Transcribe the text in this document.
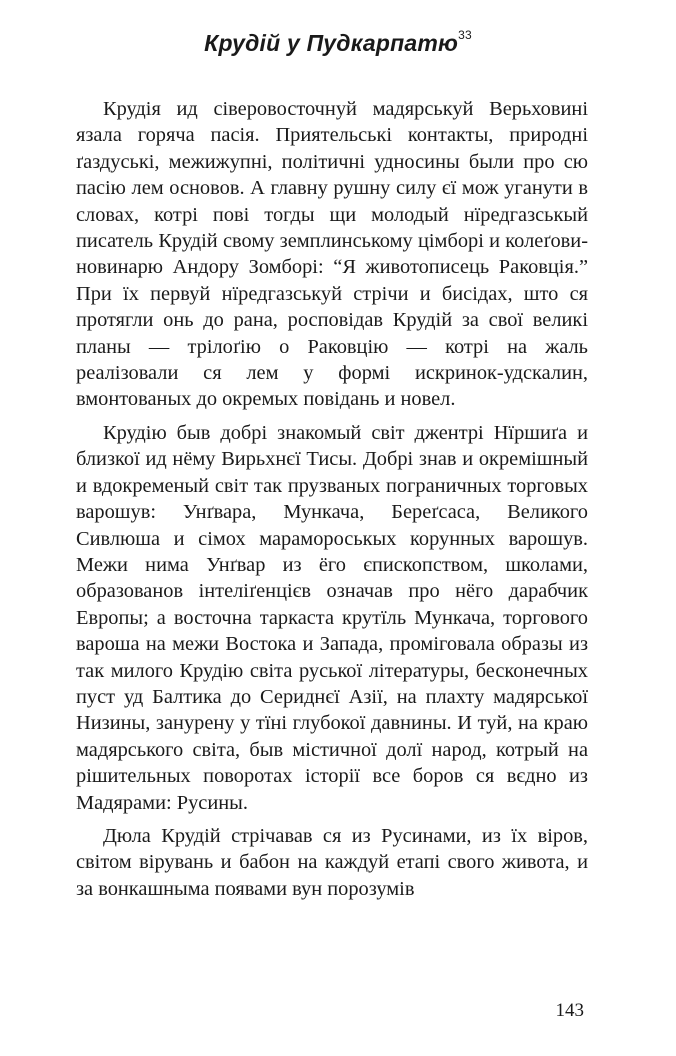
Крудій у Пудкарпатю$^{33}$

Крудія ид сіверовосточнуй мадярськуй Верьховині язала горяча пасія. Приятельські контакты, природні ґаздуські, межижупні, політичні удносины были про сю пасію лем основов. А главну рушну силу єї мож уганути в словах, котрі пові тогды щи молодый нїредгазськый писатель Крудій свому земплинському цімборі и колеґови-новинарю Андору Зомборі: “Я животописець Раковція.” При їх первуй нїредгазськуй стрічи и бисідах, што ся протягли онь до рана, росповідав Крудій за свої великі планы — трілоґію о Раковцію — котрі на жаль реалізовали ся лем у формі искринок-удскалин, вмонтованых до окремых повідань и новел.

Крудію быв добрі знакомый світ джентрі Нїршиґа и близкої ид нёму Вирьхнєї Тисы. Добрі знав и окремішный и вдокременый світ так прузваных пограничных торговых варошув: Унґвара, Мункача, Береґсаса, Великого Сивлюша и сімох марамороськых корунных варошув. Межи нима Унґвар из ёго єпископством, школами, образованов інтеліґенцієв означав про нёго дарабчик Европы; а восточна таркаста крутїль Мункача, торгового вароша на межи Востока и Запада, проміговала образы из так милого Крудію світа руської літературы, бесконечных пуст уд Балтика до Сериднєї Азії, на плахту мадярської Низины, занурену у тїні глубокої давнины. И туй, на краю мадярського світа, быв містичної долї народ, котрый на рішительных поворотах історії все боров ся вєдно из Мадярами: Русины.

Дюла Крудій стрічавав ся из Русинами, из їх віров, світом вірувань и бабон на каждуй етапі свого живота, и за вонкашныма появами вун порозумів

143
